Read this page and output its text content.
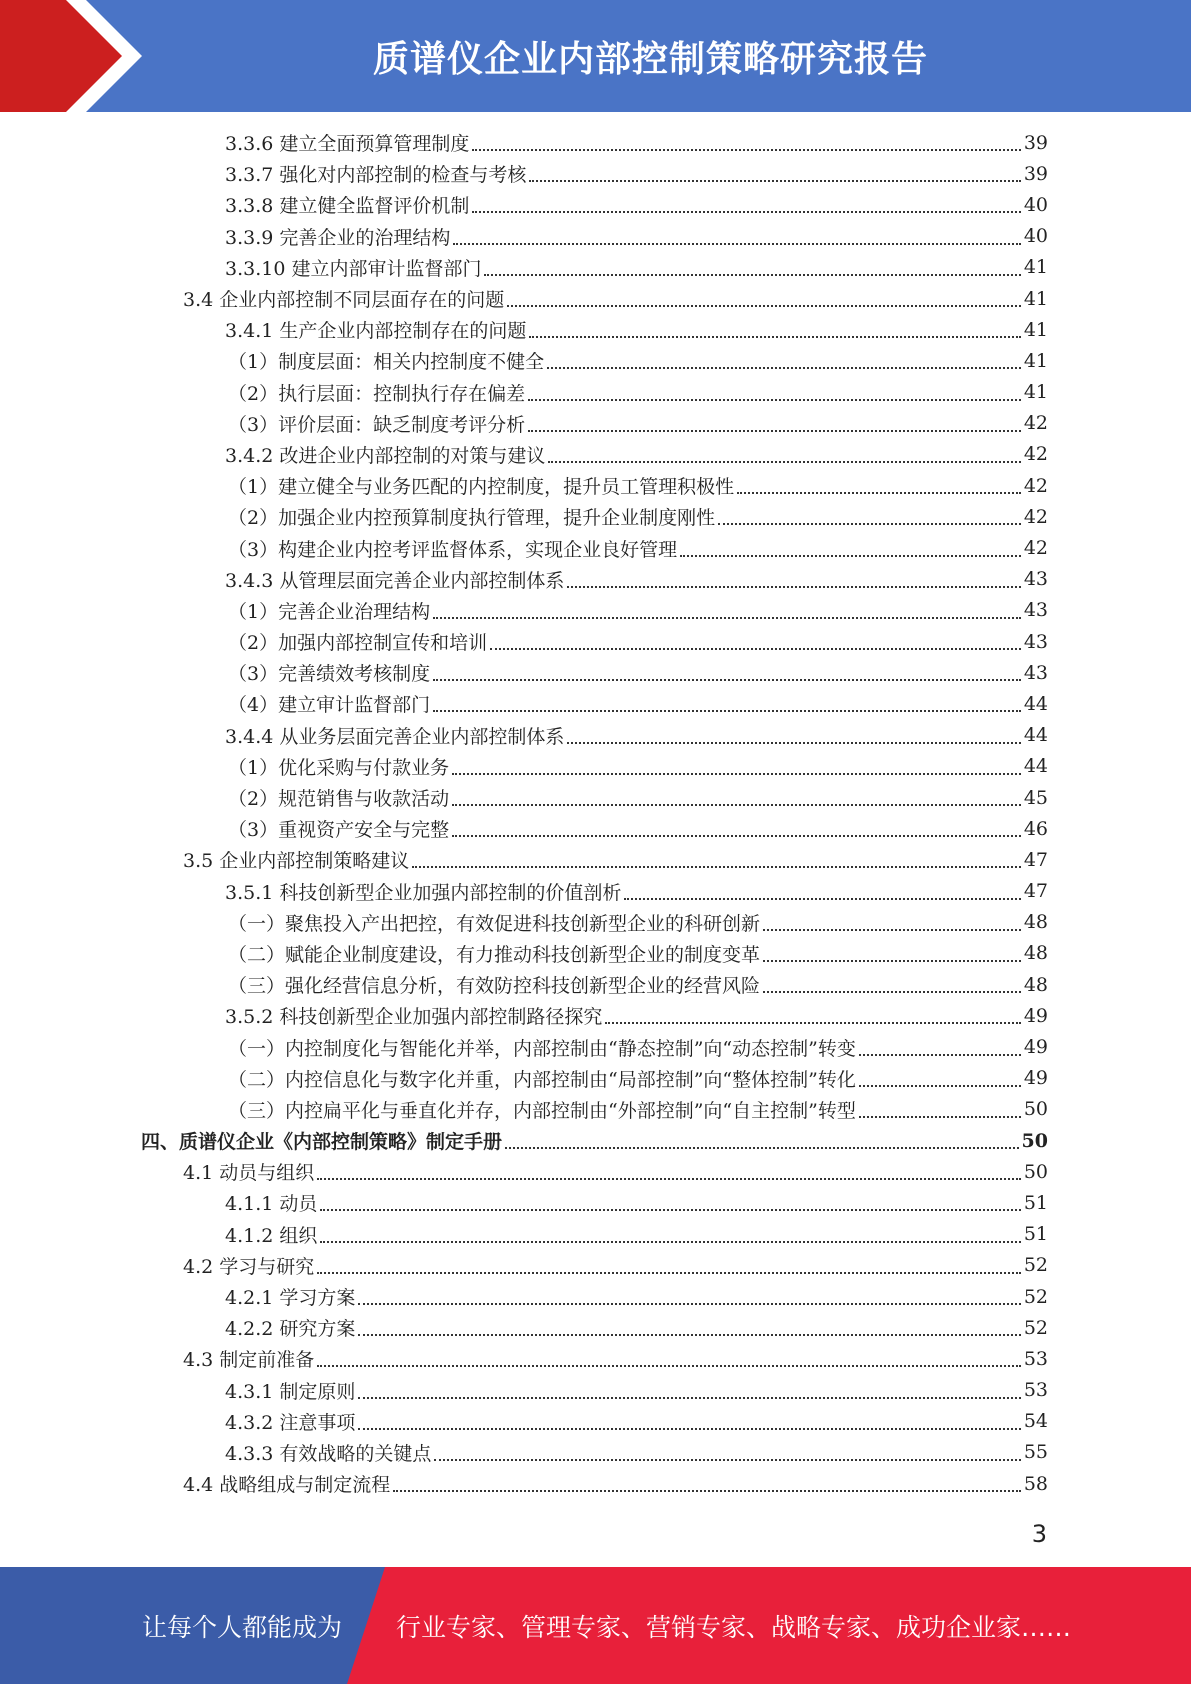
质谱仪企业内部控制策略研究报告
3.3.6 建立全面预算管理制度	39
3.3.7 强化对内部控制的检查与考核	39
3.3.8 建立健全监督评价机制	40
3.3.9 完善企业的治理结构	40
3.3.10 建立内部审计监督部门	41
3.4 企业内部控制不同层面存在的问题	41
3.4.1 生产企业内部控制存在的问题	41
（1）制度层面：相关内控制度不健全	41
（2）执行层面：控制执行存在偏差	41
（3）评价层面：缺乏制度考评分析	42
3.4.2 改进企业内部控制的对策与建议	42
（1）建立健全与业务匹配的内控制度，提升员工管理积极性	42
（2）加强企业内控预算制度执行管理，提升企业制度刚性	42
（3）构建企业内控考评监督体系，实现企业良好管理	42
3.4.3 从管理层面完善企业内部控制体系	43
（1）完善企业治理结构	43
（2）加强内部控制宣传和培训	43
（3）完善绩效考核制度	43
（4）建立审计监督部门	44
3.4.4 从业务层面完善企业内部控制体系	44
（1）优化采购与付款业务	44
（2）规范销售与收款活动	45
（3）重视资产安全与完整	46
3.5 企业内部控制策略建议	47
3.5.1 科技创新型企业加强内部控制的价值剖析	47
（一）聚焦投入产出把控，有效促进科技创新型企业的科研创新	48
（二）赋能企业制度建设，有力推动科技创新型企业的制度变革	48
（三）强化经营信息分析，有效防控科技创新型企业的经营风险	48
3.5.2 科技创新型企业加强内部控制路径探究	49
（一）内控制度化与智能化并举，内部控制由“静态控制”向“动态控制”转变	49
（二）内控信息化与数字化并重，内部控制由“局部控制”向“整体控制”转化	49
（三）内控扁平化与垂直化并存，内部控制由“外部控制”向“自主控制”转型	50
四、质谱仪企业《内部控制策略》制定手册	50
4.1 动员与组织	50
4.1.1 动员	51
4.1.2 组织	51
4.2 学习与研究	52
4.2.1 学习方案	52
4.2.2 研究方案	52
4.3 制定前准备	53
4.3.1 制定原则	53
4.3.2 注意事项	54
4.3.3 有效战略的关键点	55
4.4 战略组成与制定流程	58
3
让每个人都能成为 行业专家、管理专家、营销专家、战略专家、成功企业家……
